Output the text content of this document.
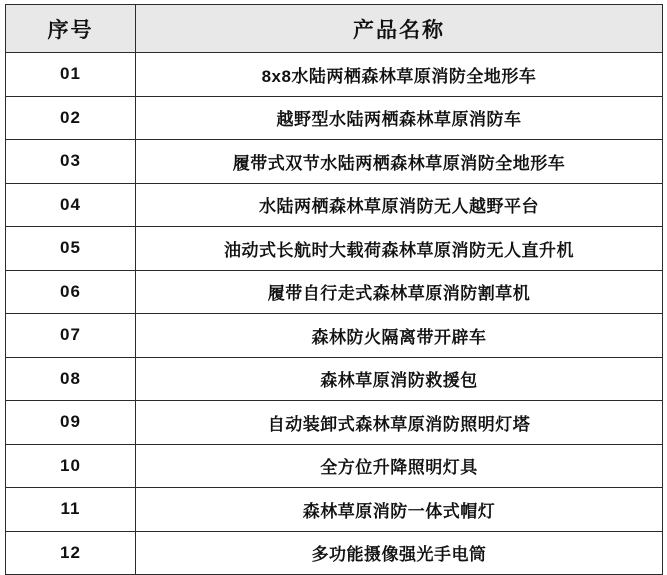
序号	产品名称
01	8x8水陆两栖森林草原消防全地形车
02	越野型水陆两栖森林草原消防车
03	履带式双节水陆两栖森林草原消防全地形车
04	水陆两栖森林草原消防无人越野平台
05	油动式长航时大载荷森林草原消防无人直升机
06	履带自行走式森林草原消防割草机
07	森林防火隔离带开辟车
08	森林草原消防救援包
09	自动装卸式森林草原消防照明灯塔
10	全方位升降照明灯具
11	森林草原消防一体式帽灯
12	多功能摄像强光手电筒
